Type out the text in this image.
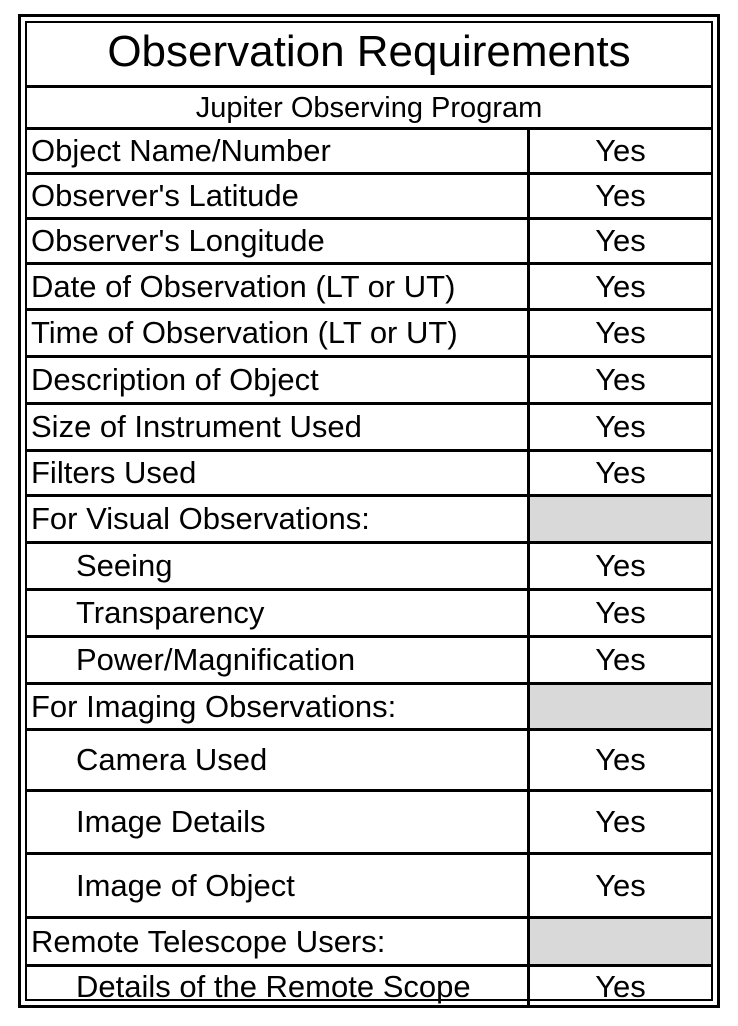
Observation Requirements
Jupiter Observing Program
Object Name/Number	Yes
Observer's Latitude	Yes
Observer's Longitude	Yes
Date of Observation (LT or UT)	Yes
Time of Observation (LT or UT)	Yes
Description of Object	Yes
Size of Instrument Used	Yes
Filters Used	Yes
For Visual Observations:
Seeing	Yes
Transparency	Yes
Power/Magnification	Yes
For Imaging Observations:
Camera Used	Yes
Image Details	Yes
Image of Object	Yes
Remote Telescope Users:
Details of the Remote Scope	Yes
